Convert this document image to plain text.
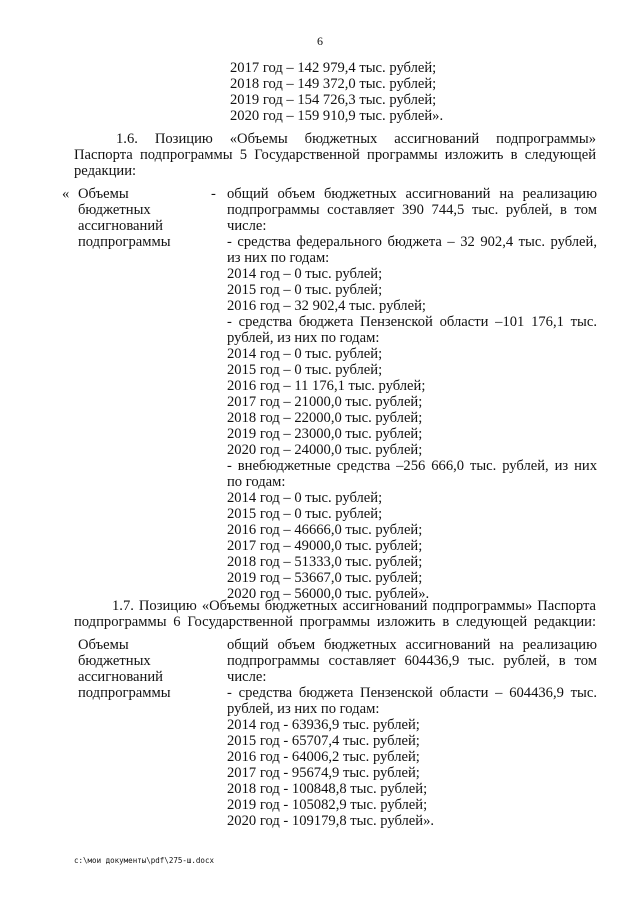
6
2017 год – 142 979,4 тыс. рублей;
2018 год – 149 372,0 тыс. рублей;
2019 год – 154 726,3 тыс. рублей;
2020 год – 159 910,9 тыс. рублей».
1.6. Позицию «Объемы бюджетных ассигнований подпрограммы»
Паспорта подпрограммы 5 Государственной программы изложить в следующей
редакции:
« Объемы
бюджетных
ассигнований
подпрограммы
- общий объем бюджетных ассигнований на реализацию
подпрограммы составляет 390 744,5 тыс. рублей, в том
числе:
- средства федерального бюджета – 32 902,4 тыс. рублей,
из них по годам:
2014 год – 0 тыс. рублей;
2015 год – 0 тыс. рублей;
2016 год – 32 902,4 тыс. рублей;
- средства бюджета Пензенской области –101 176,1 тыс.
рублей, из них по годам:
2014 год – 0 тыс. рублей;
2015 год – 0 тыс. рублей;
2016 год – 11 176,1 тыс. рублей;
2017 год – 21000,0 тыс. рублей;
2018 год – 22000,0 тыс. рублей;
2019 год – 23000,0 тыс. рублей;
2020 год – 24000,0 тыс. рублей;
- внебюджетные средства –256 666,0 тыс. рублей, из них
по годам:
2014 год – 0 тыс. рублей;
2015 год – 0 тыс. рублей;
2016 год – 46666,0 тыс. рублей;
2017 год – 49000,0 тыс. рублей;
2018 год – 51333,0 тыс. рублей;
2019 год – 53667,0 тыс. рублей;
2020 год – 56000,0 тыс. рублей».
1.7. Позицию «Объемы бюджетных ассигнований подпрограммы» Паспорта
подпрограммы 6 Государственной программы изложить в следующей редакции:
Объемы
бюджетных
ассигнований
подпрограммы
общий объем бюджетных ассигнований на реализацию
подпрограммы составляет 604436,9 тыс. рублей, в том
числе:
- средства бюджета Пензенской области – 604436,9 тыс.
рублей, из них по годам:
2014 год - 63936,9 тыс. рублей;
2015 год - 65707,4 тыс. рублей;
2016 год - 64006,2 тыс. рублей;
2017 год - 95674,9 тыс. рублей;
2018 год - 100848,8 тыс. рублей;
2019 год - 105082,9 тыс. рублей;
2020 год - 109179,8 тыс. рублей».
c:\мои документы\pdf\275-ш.docx
